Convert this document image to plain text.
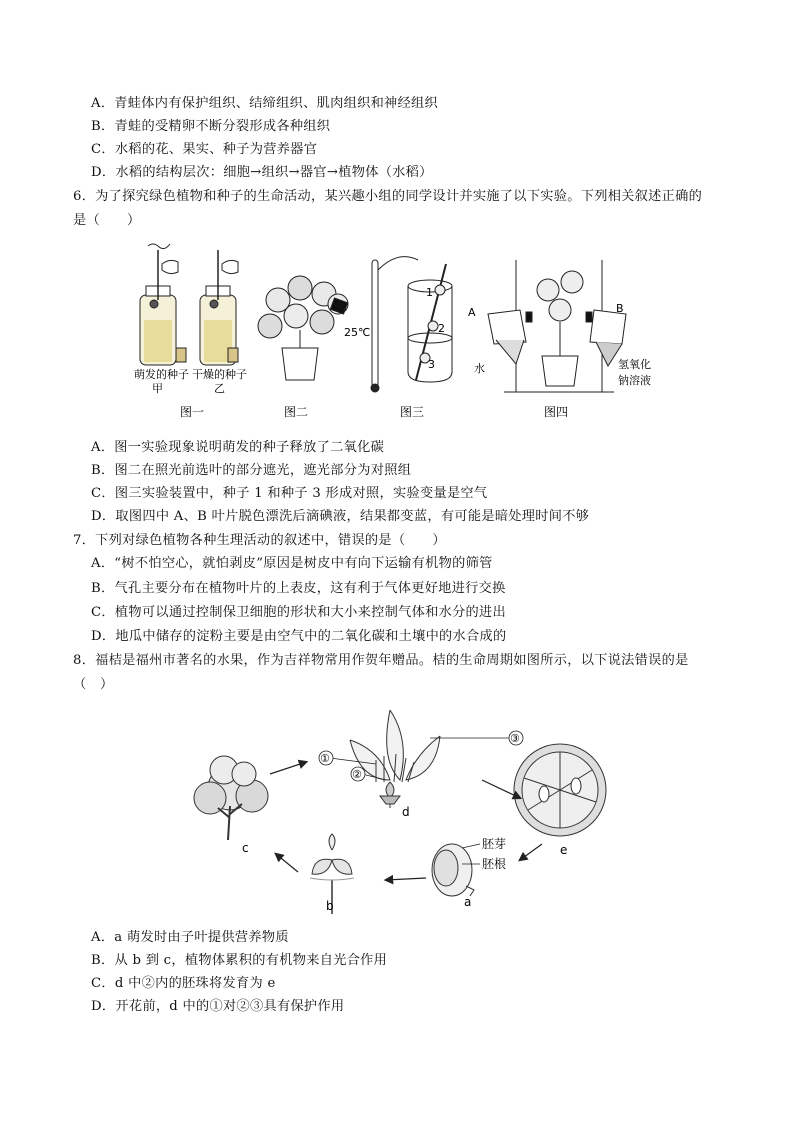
A．青蛙体内有保护组织、结缔组织、肌肉组织和神经组织
B．青蛙的受精卵不断分裂形成各种组织
C．水稻的花、果实、种子为营养器官
D．水稻的结构层次：细胞→组织→器官→植物体（水稻）
6．为了探究绿色植物和种子的生命活动，某兴趣小组的同学设计并实施了以下实验。下列相关叙述正确的
是（　　）
萌发的种子
甲
干燥的种子
乙
图一	图二
25℃
1
2
3
图三
A	B
水	氢氧化
钠溶液
图四
A．图一实验现象说明萌发的种子释放了二氧化碳
B．图二在照光前选叶的部分遮光，遮光部分为对照组
C．图三实验装置中，种子 1 和种子 3 形成对照，实验变量是空气
D．取图四中 A、B 叶片脱色漂洗后滴碘液，结果都变蓝，有可能是暗处理时间不够
7．下列对绿色植物各种生理活动的叙述中，错误的是（　　）
A．“树不怕空心，就怕剥皮”原因是树皮中有向下运输有机物的筛管
B．气孔主要分布在植物叶片的上表皮，这有利于气体更好地进行交换
C．植物可以通过控制保卫细胞的形状和大小来控制气体和水分的进出
D．地瓜中储存的淀粉主要是由空气中的二氧化碳和土壤中的水合成的
8．福桔是福州市著名的水果，作为吉祥物常用作贺年赠品。桔的生命周期如图所示，以下说法错误的是
（　）
c
①
②
③
d
e
胚芽
胚根
a
b
A．a 萌发时由子叶提供营养物质
B．从 b 到 c，植物体累积的有机物来自光合作用
C．d 中②内的胚珠将发育为 e
D．开花前，d 中的①对②③具有保护作用
